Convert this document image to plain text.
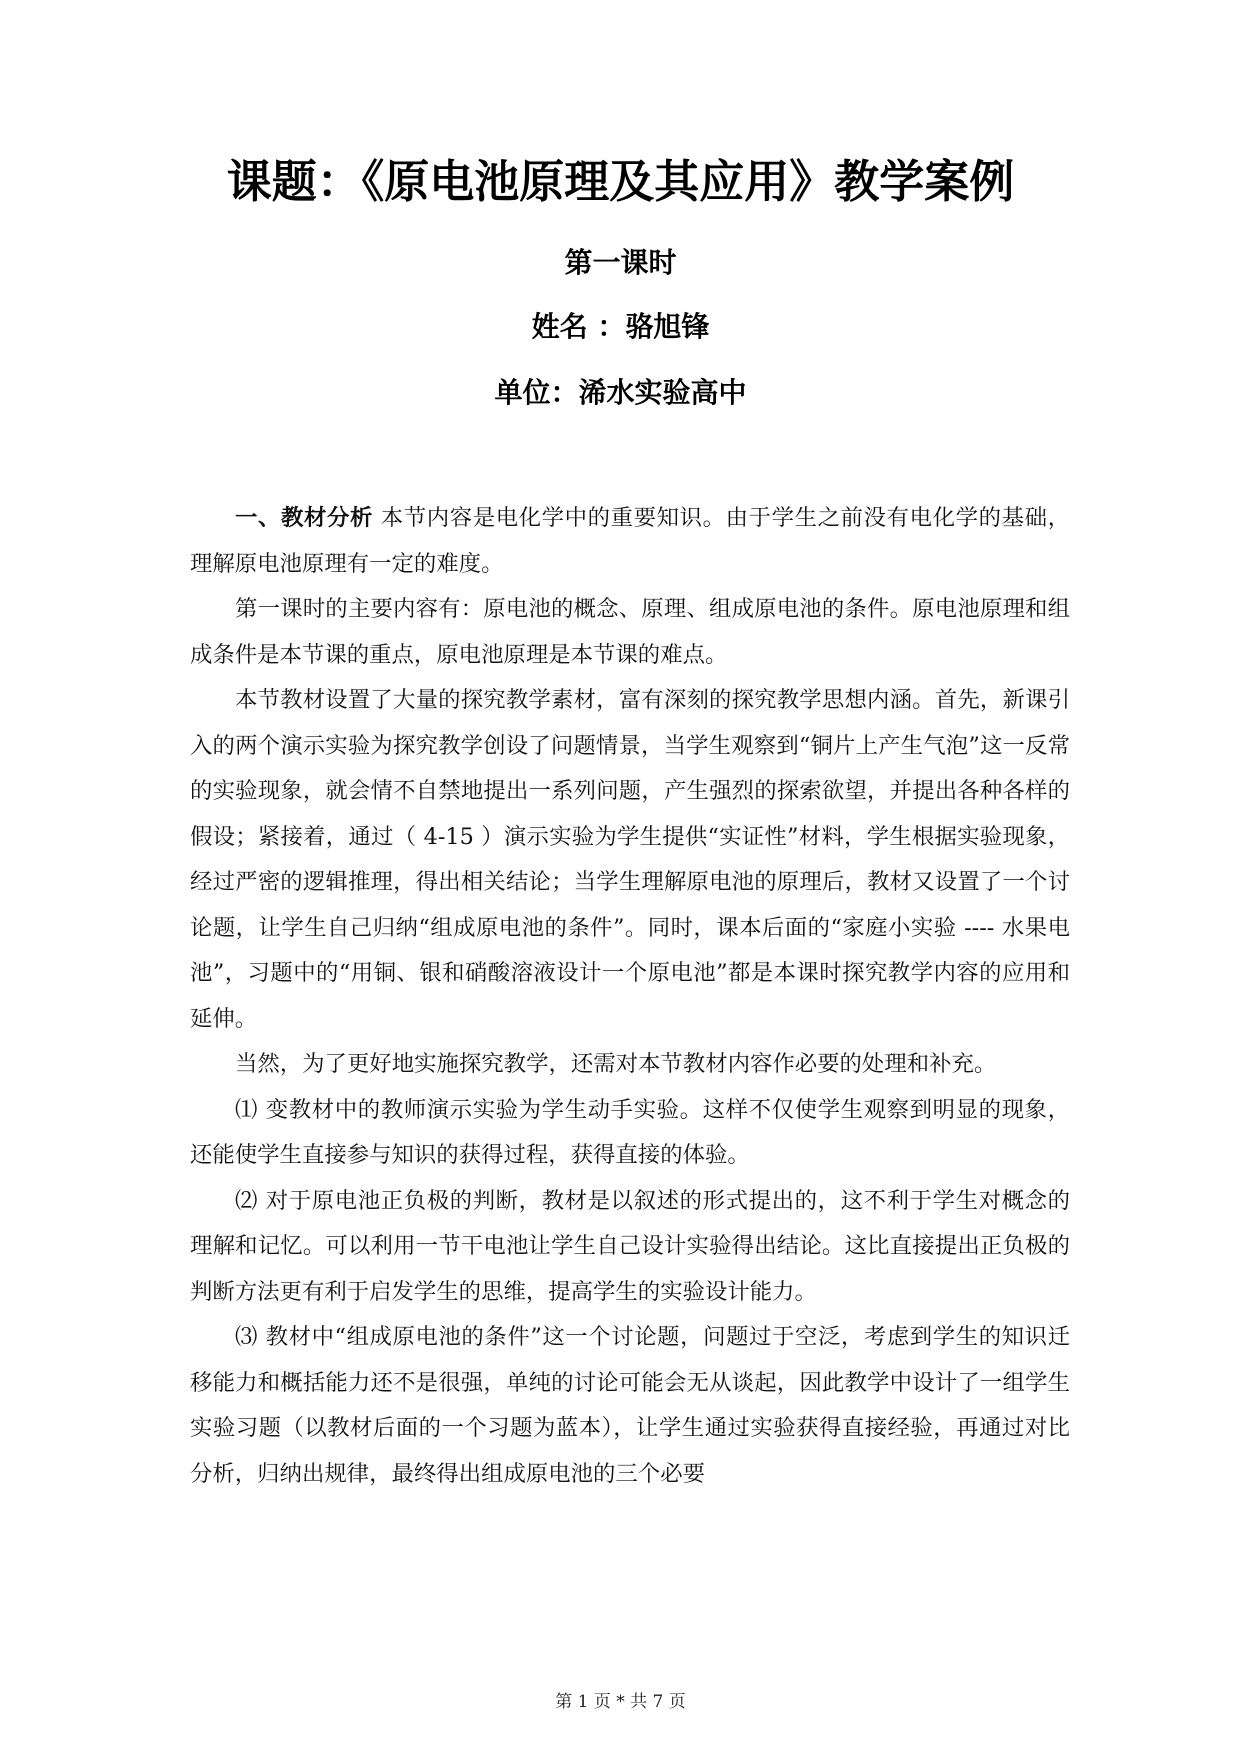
课题：《原电池原理及其应用》教学案例
第一课时
姓名 ：骆旭锋
单位：浠水实验高中

一、教材分析 本节内容是电化学中的重要知识。由于学生之前没有电化学的基础，理解原电池原理有一定的难度。

第一课时的主要内容有：原电池的概念、原理、组成原电池的条件。原电池原理和组成条件是本节课的重点，原电池原理是本节课的难点。

本节教材设置了大量的探究教学素材，富有深刻的探究教学思想内涵。首先，新课引入的两个演示实验为探究教学创设了问题情景，当学生观察到“铜片上产生气泡”这一反常的实验现象，就会情不自禁地提出一系列问题，产生强烈的探索欲望，并提出各种各样的假设；紧接着，通过（ 4-15 ）演示实验为学生提供“实证性”材料，学生根据实验现象，经过严密的逻辑推理，得出相关结论；当学生理解原电池的原理后，教材又设置了一个讨论题，让学生自己归纳“组成原电池的条件”。同时，课本后面的“家庭小实验 ---- 水果电池”，习题中的“用铜、银和硝酸溶液设计一个原电池”都是本课时探究教学内容的应用和延伸。

当然，为了更好地实施探究教学，还需对本节教材内容作必要的处理和补充。

⑴ 变教材中的教师演示实验为学生动手实验。这样不仅使学生观察到明显的现象，还能使学生直接参与知识的获得过程，获得直接的体验。

⑵ 对于原电池正负极的判断，教材是以叙述的形式提出的，这不利于学生对概念的理解和记忆。可以利用一节干电池让学生自己设计实验得出结论。这比直接提出正负极的判断方法更有利于启发学生的思维，提高学生的实验设计能力。

⑶ 教材中“组成原电池的条件”这一个讨论题，问题过于空泛，考虑到学生的知识迁移能力和概括能力还不是很强，单纯的讨论可能会无从谈起，因此教学中设计了一组学生实验习题（以教材后面的一个习题为蓝本），让学生通过实验获得直接经验，再通过对比分析，归纳出规律，最终得出组成原电池的三个必要

第 1 页 * 共 7 页
